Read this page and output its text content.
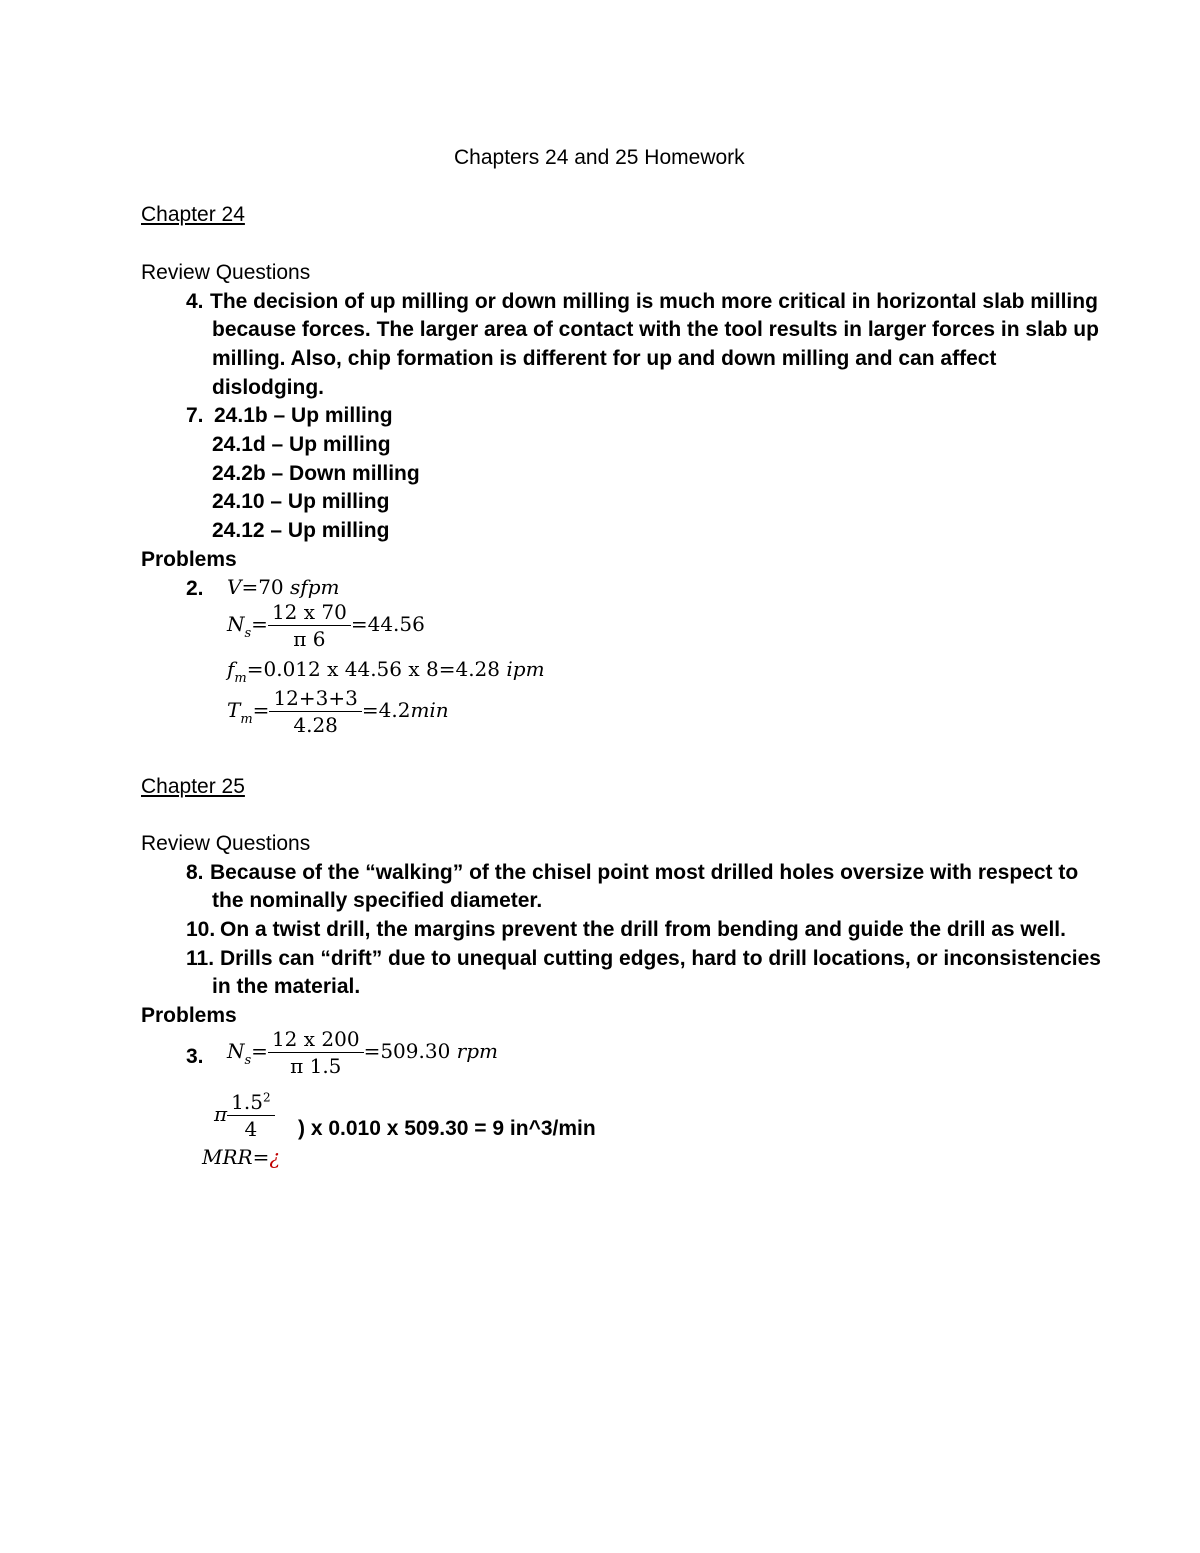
Chapters 24 and 25 Homework
Chapter 24
Review Questions
4. The decision of up milling or down milling is much more critical in horizontal slab milling
because forces. The larger area of contact with the tool results in larger forces in slab up
milling. Also, chip formation is different for up and down milling and can affect
dislodging.
7. 24.1b – Up milling
24.1d – Up milling
24.2b – Down milling
24.10 – Up milling
24.12 – Up milling
Problems
2. V=70 sfpm
$N_s= \frac{12 x 70}{\pi 6} =44.56$
$f_m=0.012$ x 44.56 x 8=4.28 ipm
$T_m= \frac{12+3+3}{4.28} =4.2\min$
Chapter 25
Review Questions
8. Because of the “walking” of the chisel point most drilled holes oversize with respect to
the nominally specified diameter.
10. On a twist drill, the margins prevent the drill from bending and guide the drill as well.
11. Drills can “drift” due to unequal cutting edges, hard to drill locations, or inconsistencies
in the material.
Problems
3. $N_s= \frac{12 x 200}{\pi 1.5} =509.30$ rpm
π $\frac{1.5^2}{4}$ ) x 0.010 x 509.30 = 9 in^3/min
MRR=¿
